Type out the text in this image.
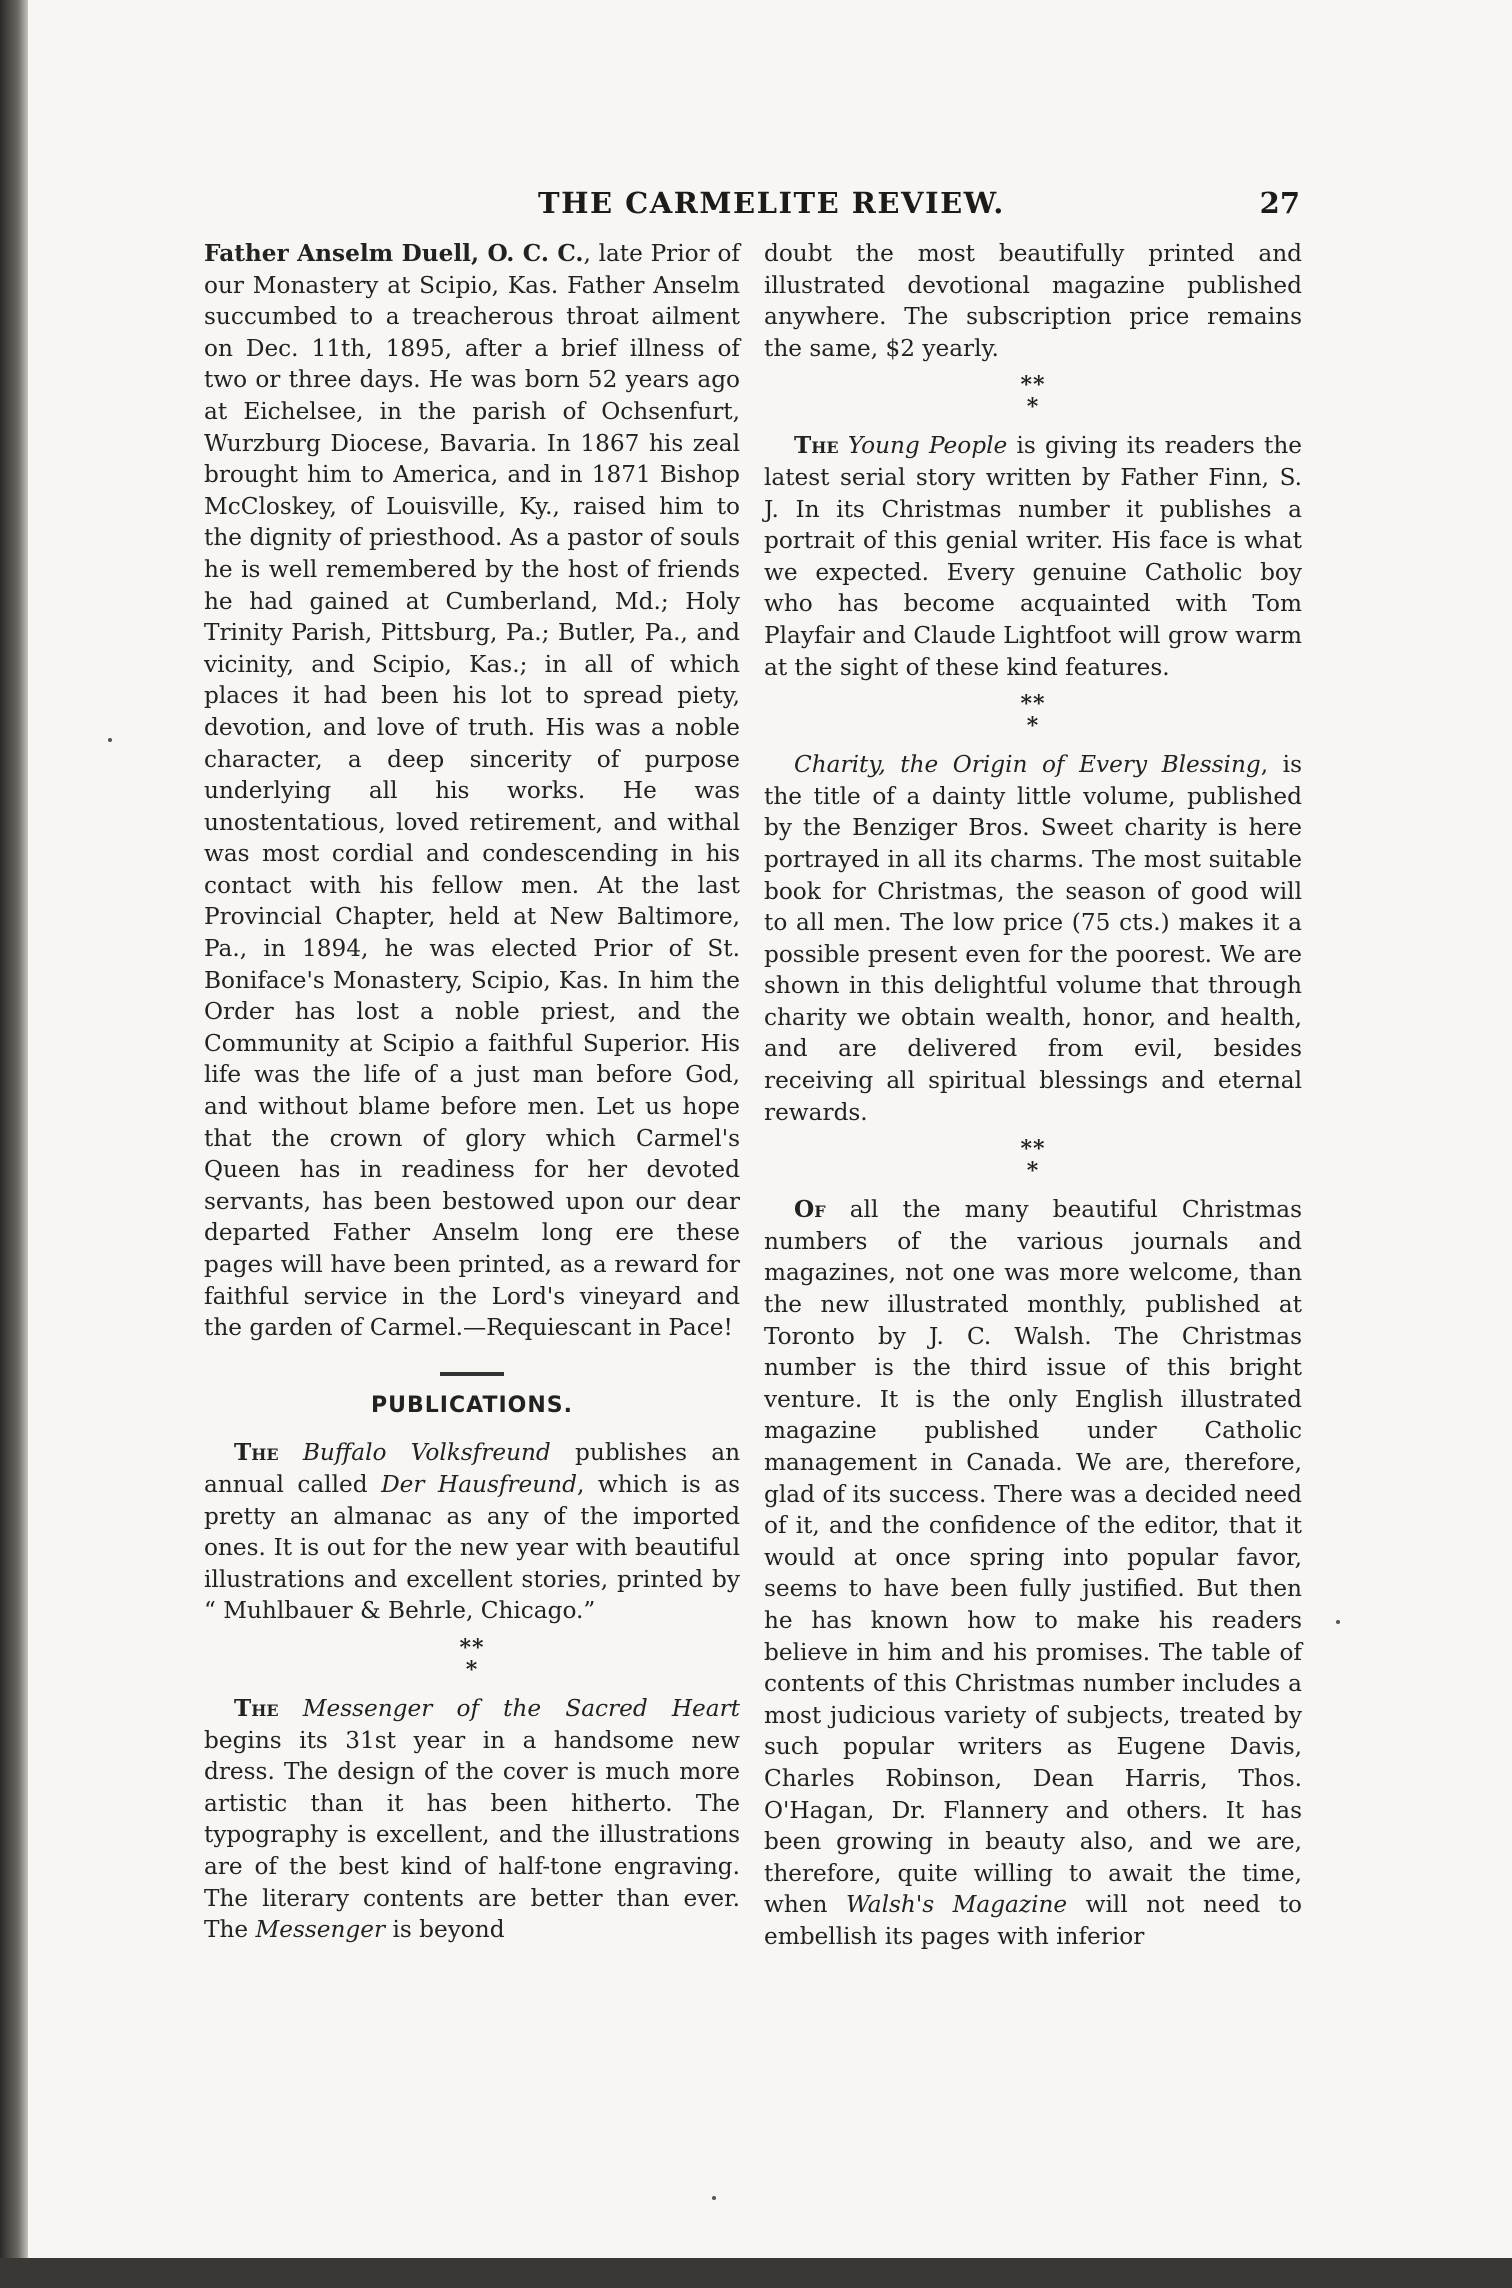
THE CARMELITE REVIEW.	27

Father Anselm Duell, O. C. C., late Prior of our Monastery at Scipio, Kas. Father Anselm succumbed to a treacherous throat ailment on Dec. 11th, 1895, after a brief illness of two or three days. He was born 52 years ago at Eichelsee, in the parish of Ochsenfurt, Wurzburg Diocese, Bavaria. In 1867 his zeal brought him to America, and in 1871 Bishop McCloskey, of Louisville, Ky., raised him to the dignity of priesthood. As a pastor of souls he is well remembered by the host of friends he had gained at Cumberland, Md.; Holy Trinity Parish, Pittsburg, Pa.; Butler, Pa., and vicinity, and Scipio, Kas.; in all of which places it had been his lot to spread piety, devotion, and love of truth. His was a noble character, a deep sincerity of purpose underlying all his works. He was unostentatious, loved retirement, and withal was most cordial and condescending in his contact with his fellow men. At the last Provincial Chapter, held at New Baltimore, Pa., in 1894, he was elected Prior of St. Boniface's Monastery, Scipio, Kas. In him the Order has lost a noble priest, and the Community at Scipio a faithful Superior. His life was the life of a just man before God, and without blame before men. Let us hope that the crown of glory which Carmel's Queen has in readiness for her devoted servants, has been bestowed upon our dear departed Father Anselm long ere these pages will have been printed, as a reward for faithful service in the Lord's vineyard and the garden of Carmel.—Requiescant in Pace!

PUBLICATIONS.

The Buffalo Volksfreund publishes an annual called Der Hausfreund, which is as pretty an almanac as any of the imported ones. It is out for the new year with beautiful illustrations and excellent stories, printed by “ Muhlbauer & Behrle, Chicago.”

**
*

The Messenger of the Sacred Heart begins its 31st year in a handsome new dress. The design of the cover is much more artistic than it has been hitherto. The typography is excellent, and the illustrations are of the best kind of half-tone engraving. The literary contents are better than ever. The Messenger is beyond

doubt the most beautifully printed and illustrated devotional magazine published anywhere. The subscription price remains the same, $2 yearly.

**
*

The Young People is giving its readers the latest serial story written by Father Finn, S. J. In its Christmas number it publishes a portrait of this genial writer. His face is what we expected. Every genuine Catholic boy who has become acquainted with Tom Playfair and Claude Lightfoot will grow warm at the sight of these kind features.

**
*

Charity, the Origin of Every Blessing, is the title of a dainty little volume, published by the Benziger Bros. Sweet charity is here portrayed in all its charms. The most suitable book for Christmas, the season of good will to all men. The low price (75 cts.) makes it a possible present even for the poorest. We are shown in this delightful volume that through charity we obtain wealth, honor, and health, and are delivered from evil, besides receiving all spiritual blessings and eternal rewards.

**
*

Of all the many beautiful Christmas numbers of the various journals and magazines, not one was more welcome, than the new illustrated monthly, published at Toronto by J. C. Walsh. The Christmas number is the third issue of this bright venture. It is the only English illustrated magazine published under Catholic management in Canada. We are, therefore, glad of its success. There was a decided need of it, and the confidence of the editor, that it would at once spring into popular favor, seems to have been fully justified. But then he has known how to make his readers believe in him and his promises. The table of contents of this Christmas number includes a most judicious variety of subjects, treated by such popular writers as Eugene Davis, Charles Robinson, Dean Harris, Thos. O'Hagan, Dr. Flannery and others. It has been growing in beauty also, and we are, therefore, quite willing to await the time, when Walsh's Magazine will not need to embellish its pages with inferior
